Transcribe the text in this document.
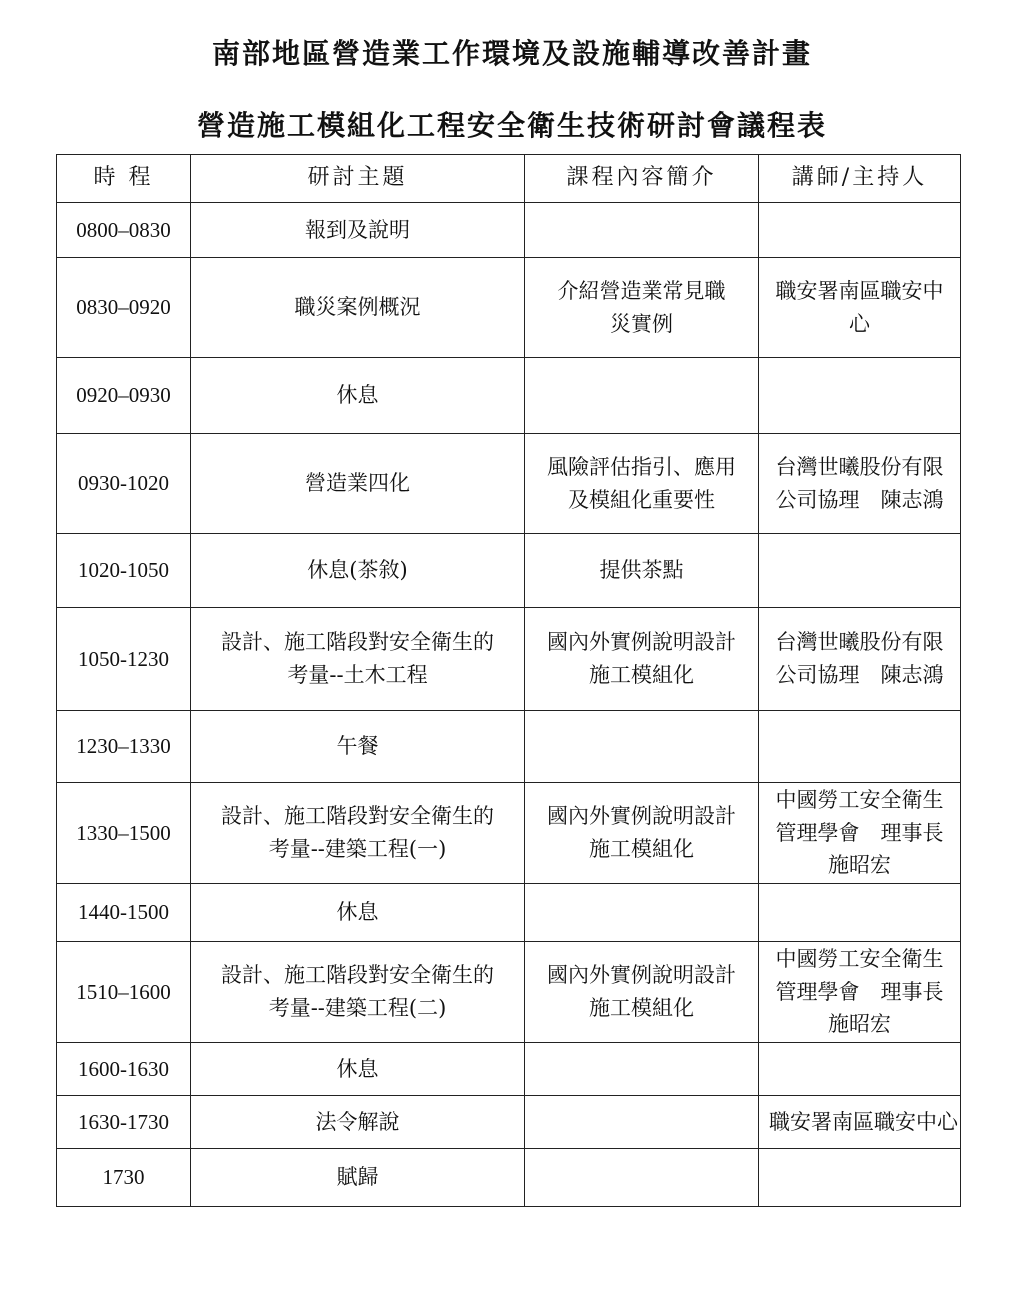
南部地區營造業工作環境及設施輔導改善計畫
營造施工模組化工程安全衛生技術研討會議程表
時 程	研討主題	課程內容簡介	講師/主持人
0800–0830	報到及說明		

0830–0920	職災案例概況	介紹營造業常見職
災實例	職安署南區職安中
心

0920–0930	休息		

0930-1020	營造業四化	風險評估指引、應用
及模組化重要性	台灣世曦股份有限
公司協理　陳志鴻

1020-1050	休息(茶敘)	提供茶點	

1050-1230	設計、施工階段對安全衛生的
考量--土木工程	國內外實例說明設計
施工模組化	台灣世曦股份有限
公司協理　陳志鴻

1230–1330	午餐		

1330–1500	設計、施工階段對安全衛生的
考量--建築工程(一)	國內外實例說明設計
施工模組化	中國勞工安全衛生
管理學會　理事長
施昭宏

1440-1500	休息		

1510–1600	設計、施工階段對安全衛生的
考量--建築工程(二)	國內外實例說明設計
施工模組化	中國勞工安全衛生
管理學會　理事長
施昭宏

1600-1630	休息		

1630-1730	法令解說		職安署南區職安中心

1730	賦歸		
